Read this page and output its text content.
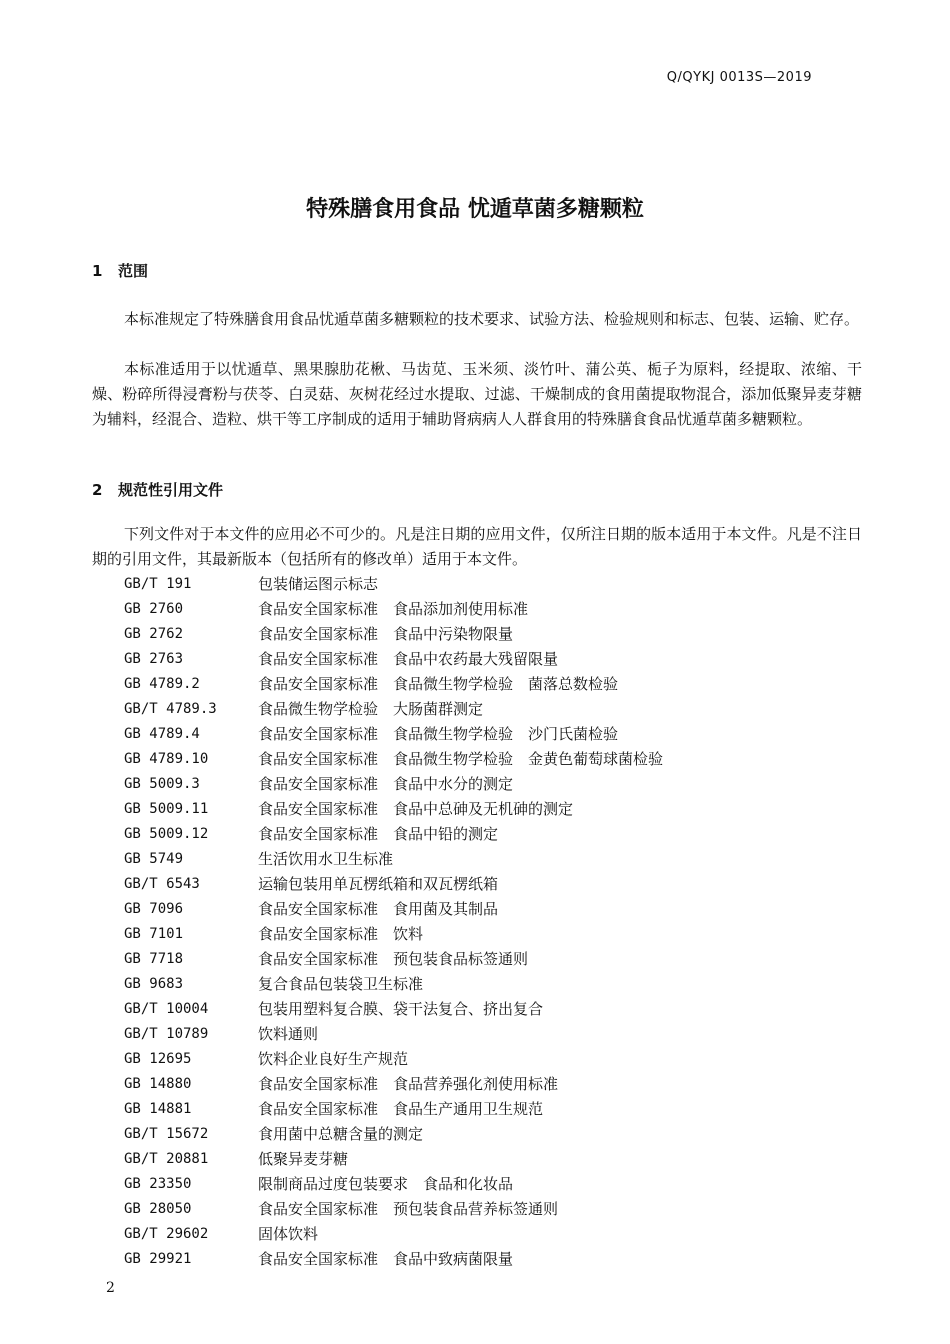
Q/QYKJ 0013S—2019
特殊膳食用食品 忧遁草菌多糖颗粒
1 范围

本标准规定了特殊膳食用食品忧遁草菌多糖颗粒的技术要求、试验方法、检验规则和标志、包装、运输、贮存。

本标准适用于以忧遁草、黑果腺肋花楸、马齿苋、玉米须、淡竹叶、蒲公英、栀子为原料，经提取、浓缩、干燥、粉碎所得浸膏粉与茯苓、白灵菇、灰树花经过水提取、过滤、干燥制成的食用菌提取物混合，添加低聚异麦芽糖为辅料，经混合、造粒、烘干等工序制成的适用于辅助肾病病人人群食用的特殊膳食食品忧遁草菌多糖颗粒。

2 规范性引用文件

下列文件对于本文件的应用必不可少的。凡是注日期的应用文件，仅所注日期的版本适用于本文件。凡是不注日期的引用文件，其最新版本（包括所有的修改单）适用于本文件。

GB/T 191	包装储运图示标志
GB 2760	食品安全国家标准　食品添加剂使用标准
GB 2762	食品安全国家标准　食品中污染物限量
GB 2763	食品安全国家标准　食品中农药最大残留限量
GB 4789.2	食品安全国家标准　食品微生物学检验　菌落总数检验
GB/T 4789.3	食品微生物学检验　大肠菌群测定
GB 4789.4	食品安全国家标准　食品微生物学检验　沙门氏菌检验
GB 4789.10	食品安全国家标准　食品微生物学检验　金黄色葡萄球菌检验
GB 5009.3	食品安全国家标准　食品中水分的测定
GB 5009.11	食品安全国家标准　食品中总砷及无机砷的测定
GB 5009.12	食品安全国家标准　食品中铅的测定
GB 5749	生活饮用水卫生标准
GB/T 6543	运输包装用单瓦楞纸箱和双瓦楞纸箱
GB 7096	食品安全国家标准　食用菌及其制品
GB 7101	食品安全国家标准　饮料
GB 7718	食品安全国家标准　预包装食品标签通则
GB 9683	复合食品包装袋卫生标准
GB/T 10004	包装用塑料复合膜、袋干法复合、挤出复合
GB/T 10789	饮料通则
GB 12695	饮料企业良好生产规范
GB 14880	食品安全国家标准　食品营养强化剂使用标准
GB 14881	食品安全国家标准　食品生产通用卫生规范
GB/T 15672	食用菌中总糖含量的测定
GB/T 20881	低聚异麦芽糖
GB 23350	限制商品过度包装要求　食品和化妆品
GB 28050	食品安全国家标准　预包装食品营养标签通则
GB/T 29602	固体饮料
GB 29921	食品安全国家标准　食品中致病菌限量
2
